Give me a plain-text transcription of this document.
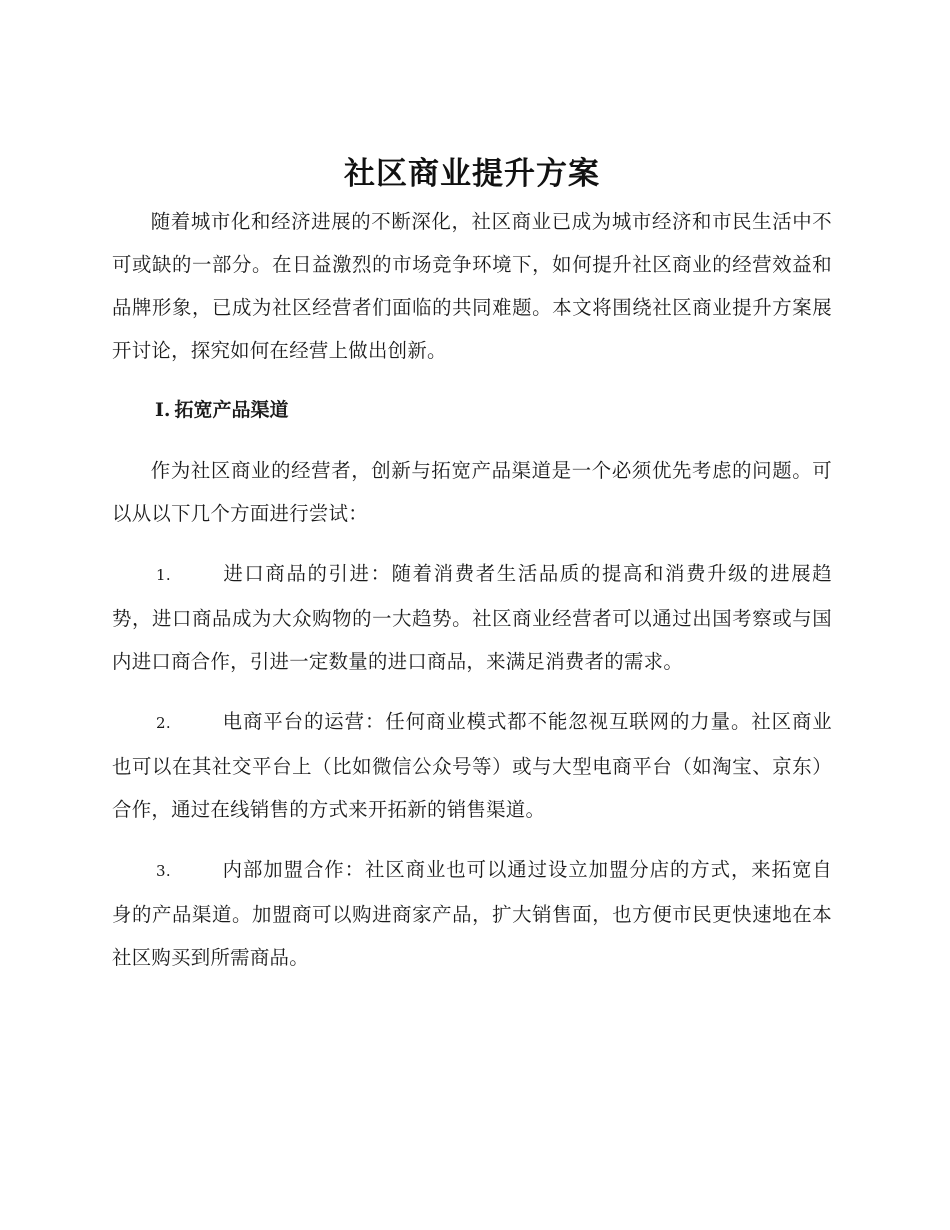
社区商业提升方案

随着城市化和经济进展的不断深化，社区商业已成为城市经济和市民生活中不可或缺的一部分。在日益激烈的市场竞争环境下，如何提升社区商业的经营效益和品牌形象，已成为社区经营者们面临的共同难题。本文将围绕社区商业提升方案展开讨论，探究如何在经营上做出创新。

I. 拓宽产品渠道

作为社区商业的经营者，创新与拓宽产品渠道是一个必须优先考虑的问题。可以从以下几个方面进行尝试：

1.	进口商品的引进：随着消费者生活品质的提高和消费升级的进展趋势，进口商品成为大众购物的一大趋势。社区商业经营者可以通过出国考察或与国内进口商合作，引进一定数量的进口商品，来满足消费者的需求。

2.	电商平台的运营：任何商业模式都不能忽视互联网的力量。社区商业也可以在其社交平台上（比如微信公众号等）或与大型电商平台（如淘宝、京东）合作，通过在线销售的方式来开拓新的销售渠道。

3.	内部加盟合作：社区商业也可以通过设立加盟分店的方式，来拓宽自身的产品渠道。加盟商可以购进商家产品，扩大销售面，也方便市民更快速地在本社区购买到所需商品。
